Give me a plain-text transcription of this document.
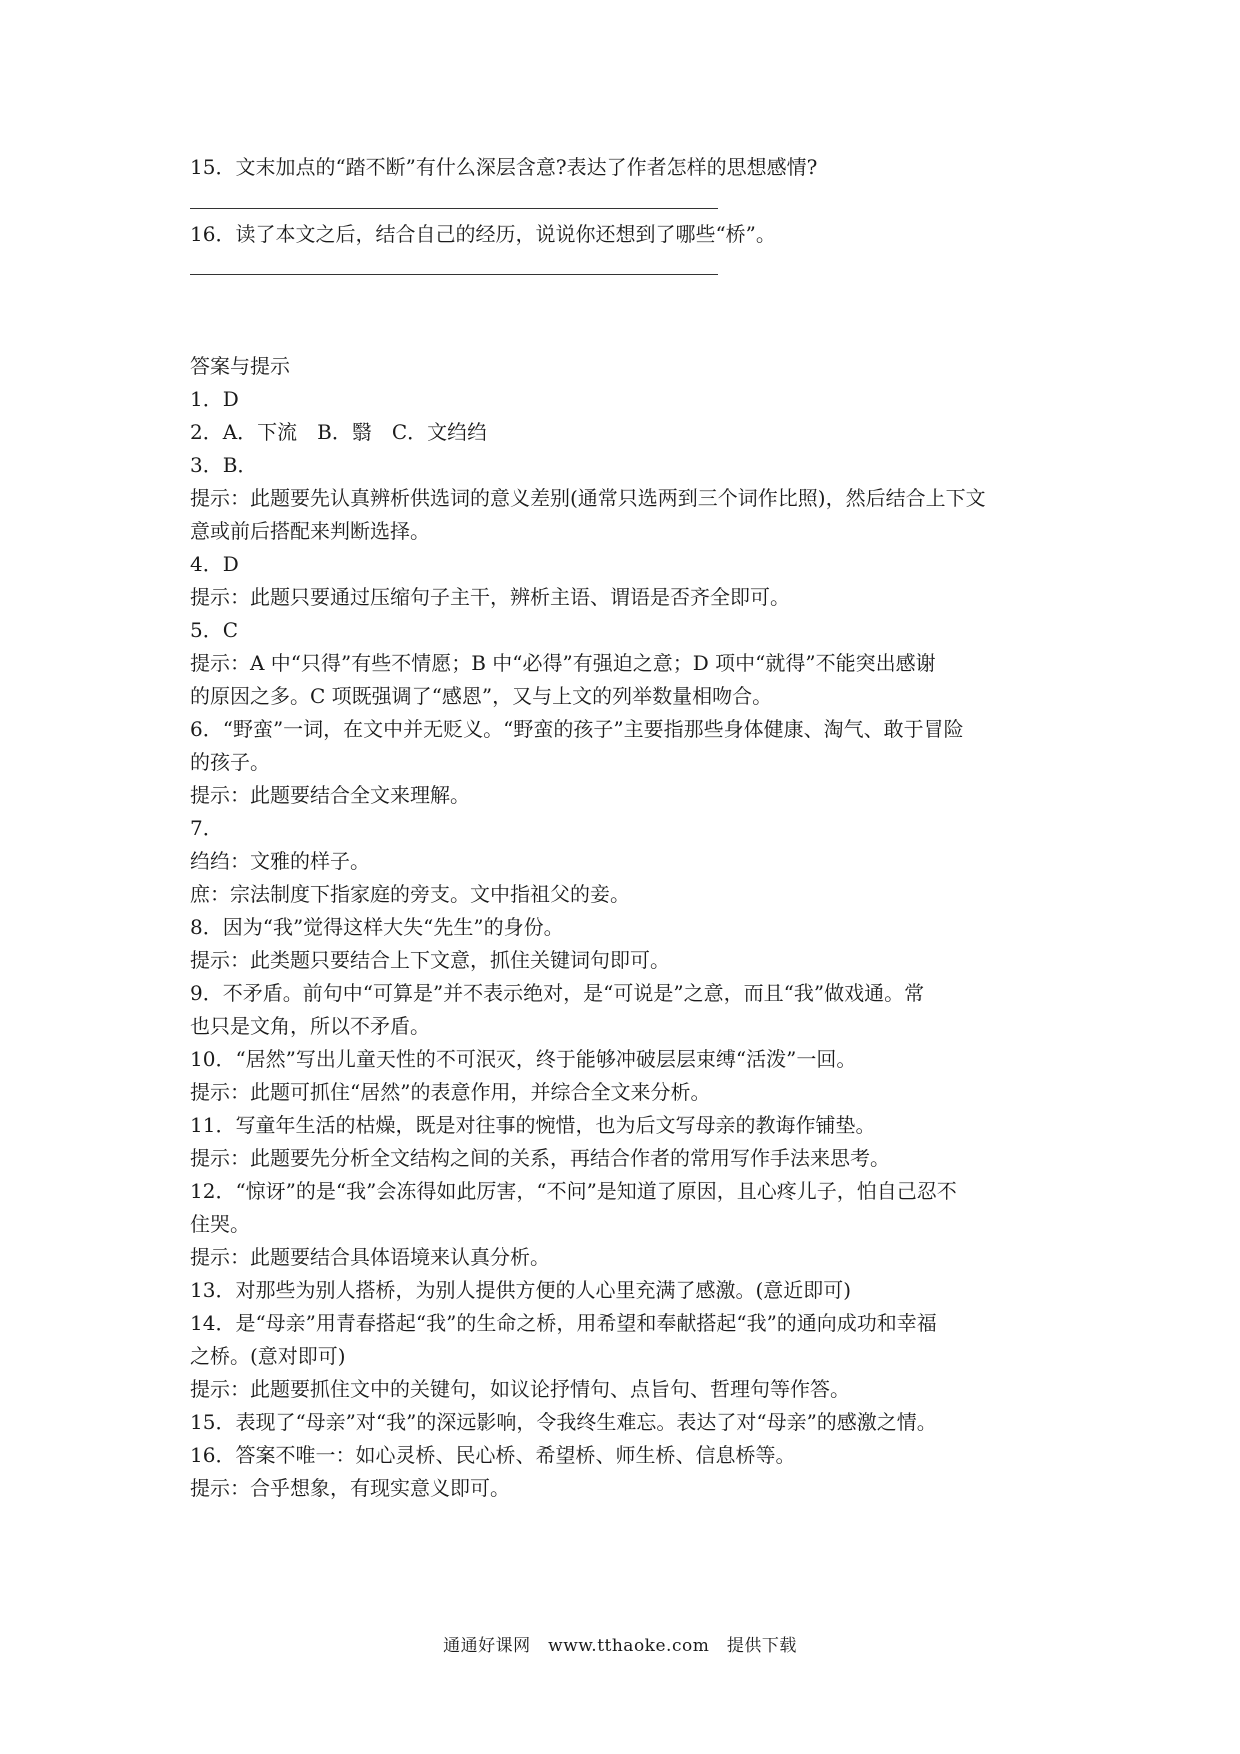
15．文末加点的“踏不断”有什么深层含意?表达了作者怎样的思想感情?
16．读了本文之后，结合自己的经历，说说你还想到了哪些“桥”。
答案与提示
1．D
2．A．下流　B．翳　C．文绉绉
3．B．
提示：此题要先认真辨析供选词的意义差别(通常只选两到三个词作比照)，然后结合上下文
意或前后搭配来判断选择。
4．D
提示：此题只要通过压缩句子主干，辨析主语、谓语是否齐全即可。
5．C
提示：A 中“只得”有些不情愿；B 中“必得”有强迫之意；D 项中“就得”不能突出感谢
的原因之多。C 项既强调了“感恩”，又与上文的列举数量相吻合。
6．“野蛮”一词，在文中并无贬义。“野蛮的孩子”主要指那些身体健康、淘气、敢于冒险
的孩子。
提示：此题要结合全文来理解。
7．
绉绉：文雅的样子。
庶：宗法制度下指家庭的旁支。文中指祖父的妾。
8．因为“我”觉得这样大失“先生”的身份。
提示：此类题只要结合上下文意，抓住关键词句即可。
9．不矛盾。前句中“可算是”并不表示绝对，是“可说是”之意，而且“我”做戏通。常
也只是文角，所以不矛盾。
10．“居然”写出儿童天性的不可泯灭，终于能够冲破层层束缚“活泼”一回。
提示：此题可抓住“居然”的表意作用，并综合全文来分析。
11．写童年生活的枯燥，既是对往事的惋惜，也为后文写母亲的教诲作铺垫。
提示：此题要先分析全文结构之间的关系，再结合作者的常用写作手法来思考。
12．“惊讶”的是“我”会冻得如此厉害，“不问”是知道了原因，且心疼儿子，怕自己忍不
住哭。
提示：此题要结合具体语境来认真分析。
13．对那些为别人搭桥，为别人提供方便的人心里充满了感激。(意近即可)
14．是“母亲”用青春搭起“我”的生命之桥，用希望和奉献搭起“我”的通向成功和幸福
之桥。(意对即可)
提示：此题要抓住文中的关键句，如议论抒情句、点旨句、哲理句等作答。
15．表现了“母亲”对“我”的深远影响，令我终生难忘。表达了对“母亲”的感激之情。
16．答案不唯一：如心灵桥、民心桥、希望桥、师生桥、信息桥等。
提示：合乎想象，有现实意义即可。
通通好课网　www.tthaoke.com　提供下载
